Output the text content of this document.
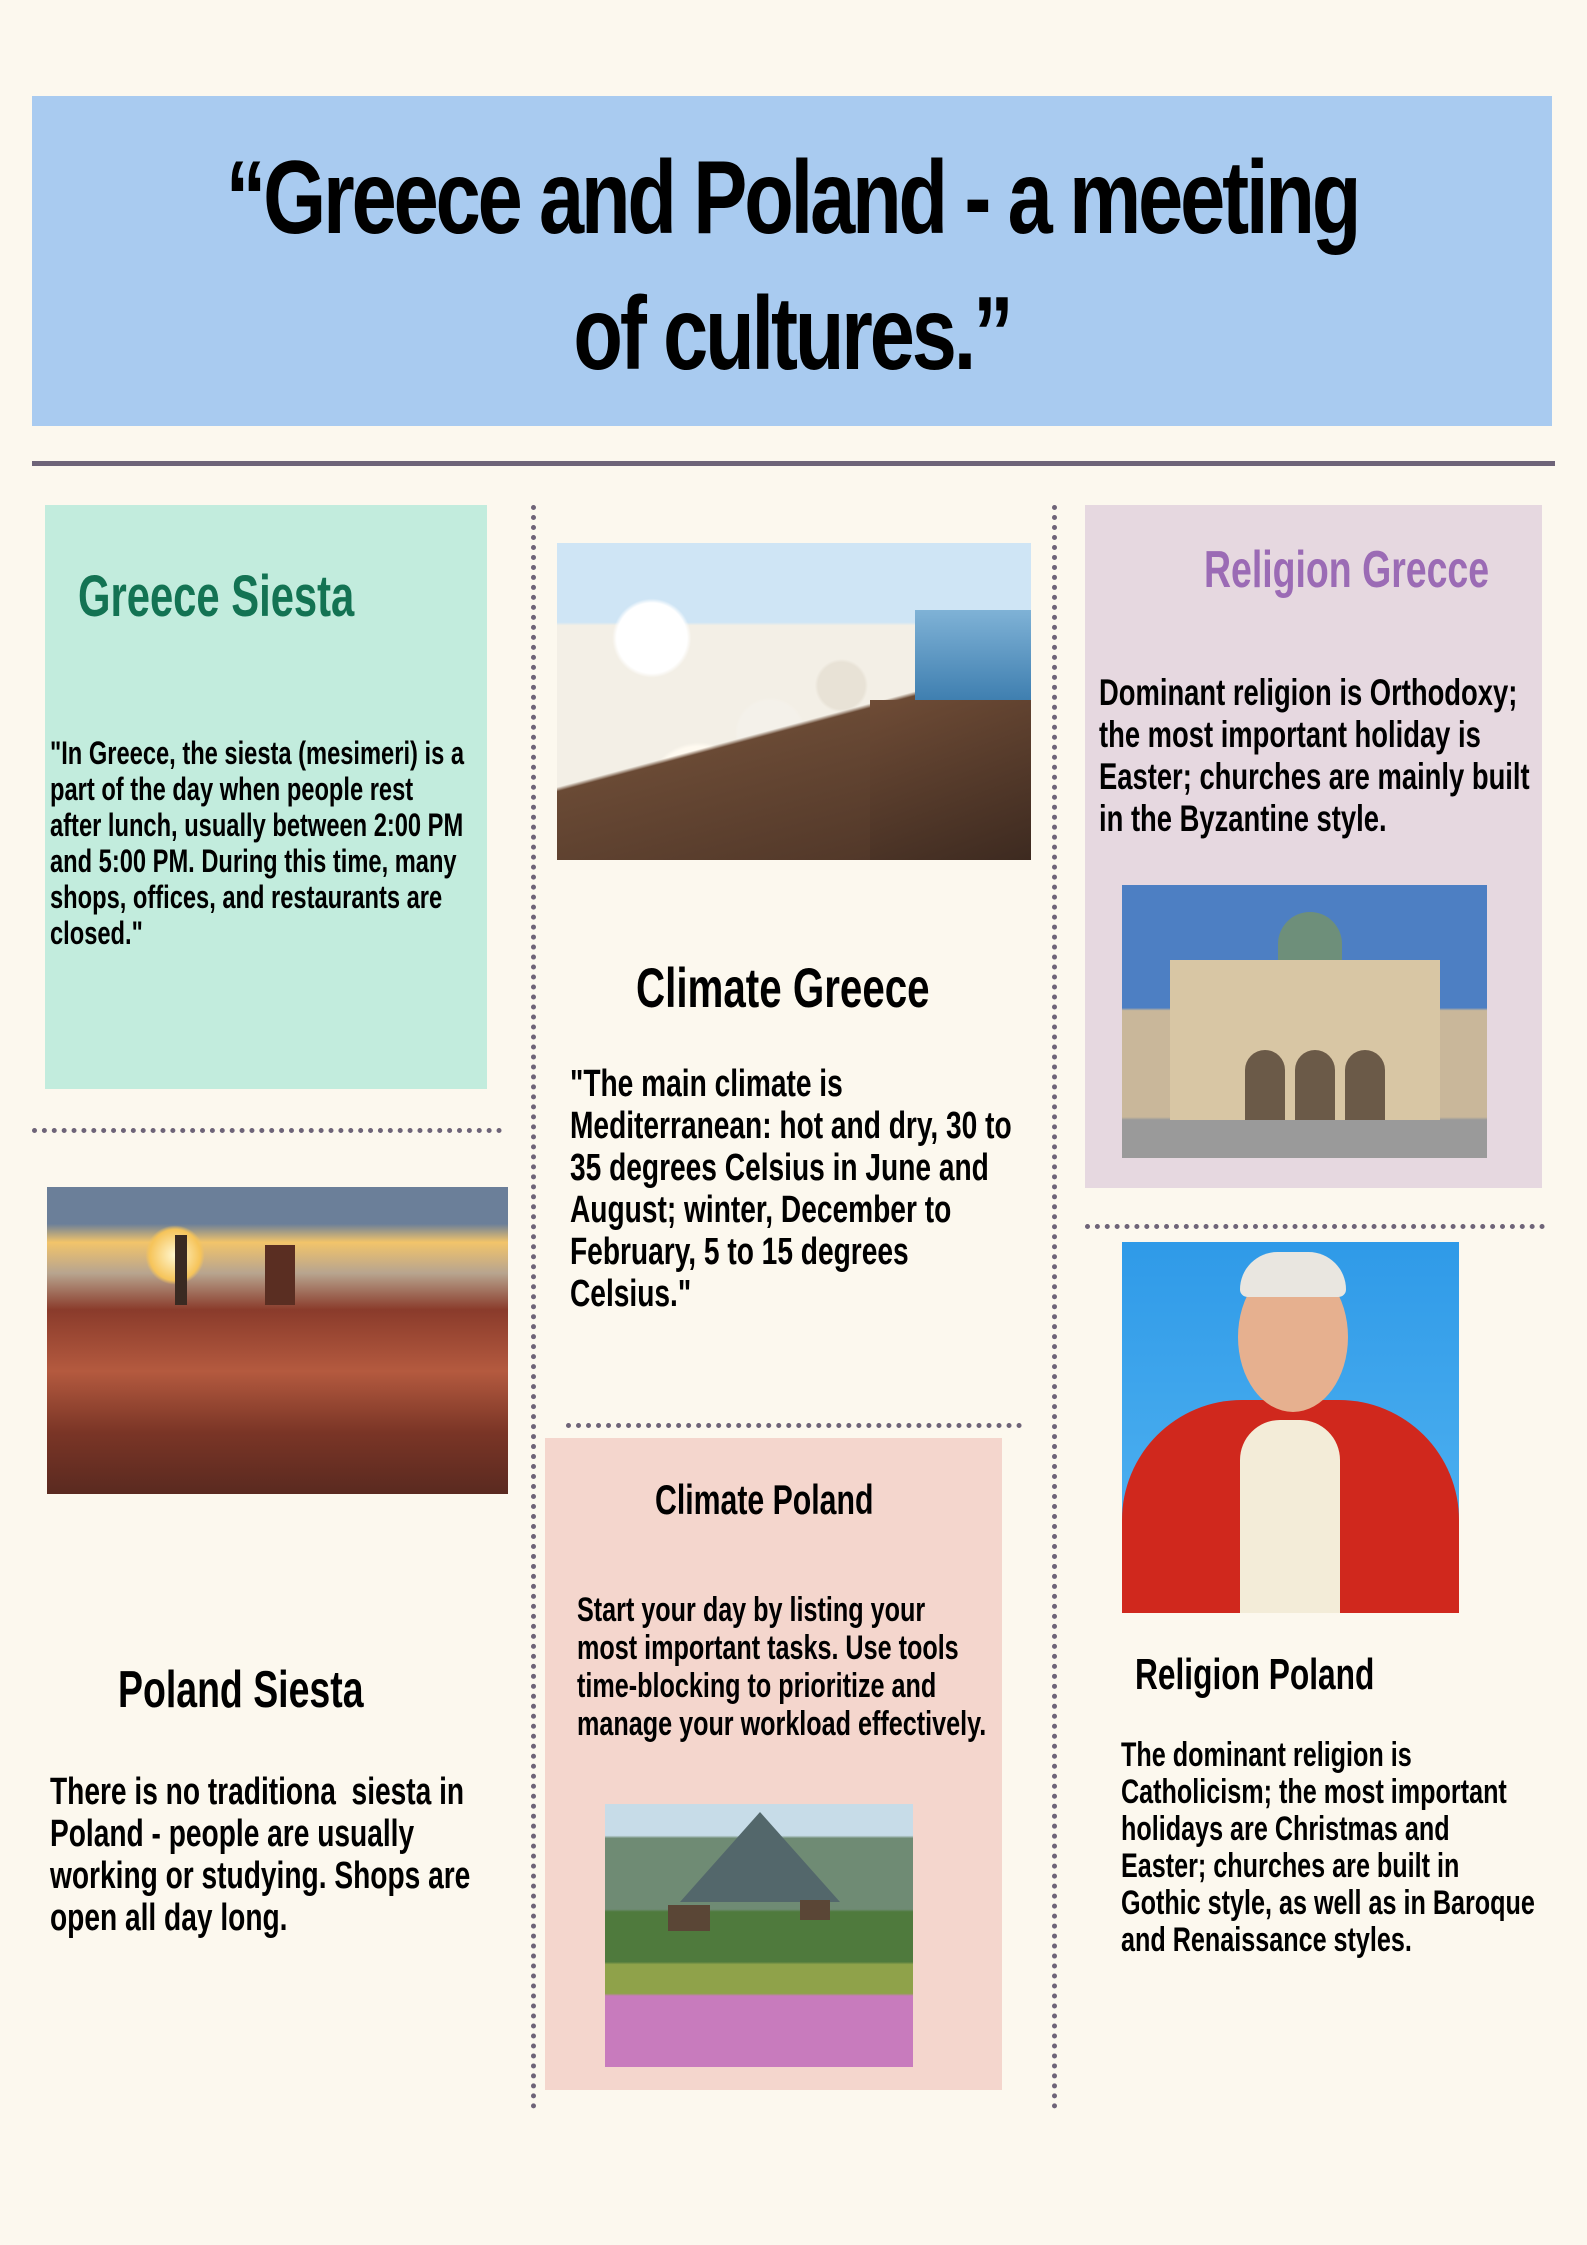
“Greece and Poland - a meeting of cultures.”
Greece Siesta
"In Greece, the siesta (mesimeri) is a part of the day when people rest after lunch, usually between 2:00 PM and 5:00 PM. During this time, many shops, offices, and restaurants are closed."
Climate Greece
"The main climate is Mediterranean: hot and dry, 30 to 35 degrees Celsius in June and August; winter, December to February, 5 to 15 degrees Celsius."
Religion Grecce
Dominant religion is Orthodoxy; the most important holiday is Easter; churches are mainly built in the Byzantine style.
Poland Siesta
There is no traditiona  siesta in Poland - people are usually working or studying. Shops are open all day long.
Religion Poland
The dominant religion is Catholicism; the most important holidays are Christmas and Easter; churches are built in Gothic style, as well as in Baroque and Renaissance styles.
Climate Poland
Start your day by listing your most important tasks. Use tools time-blocking to prioritize and manage your workload effectively.
